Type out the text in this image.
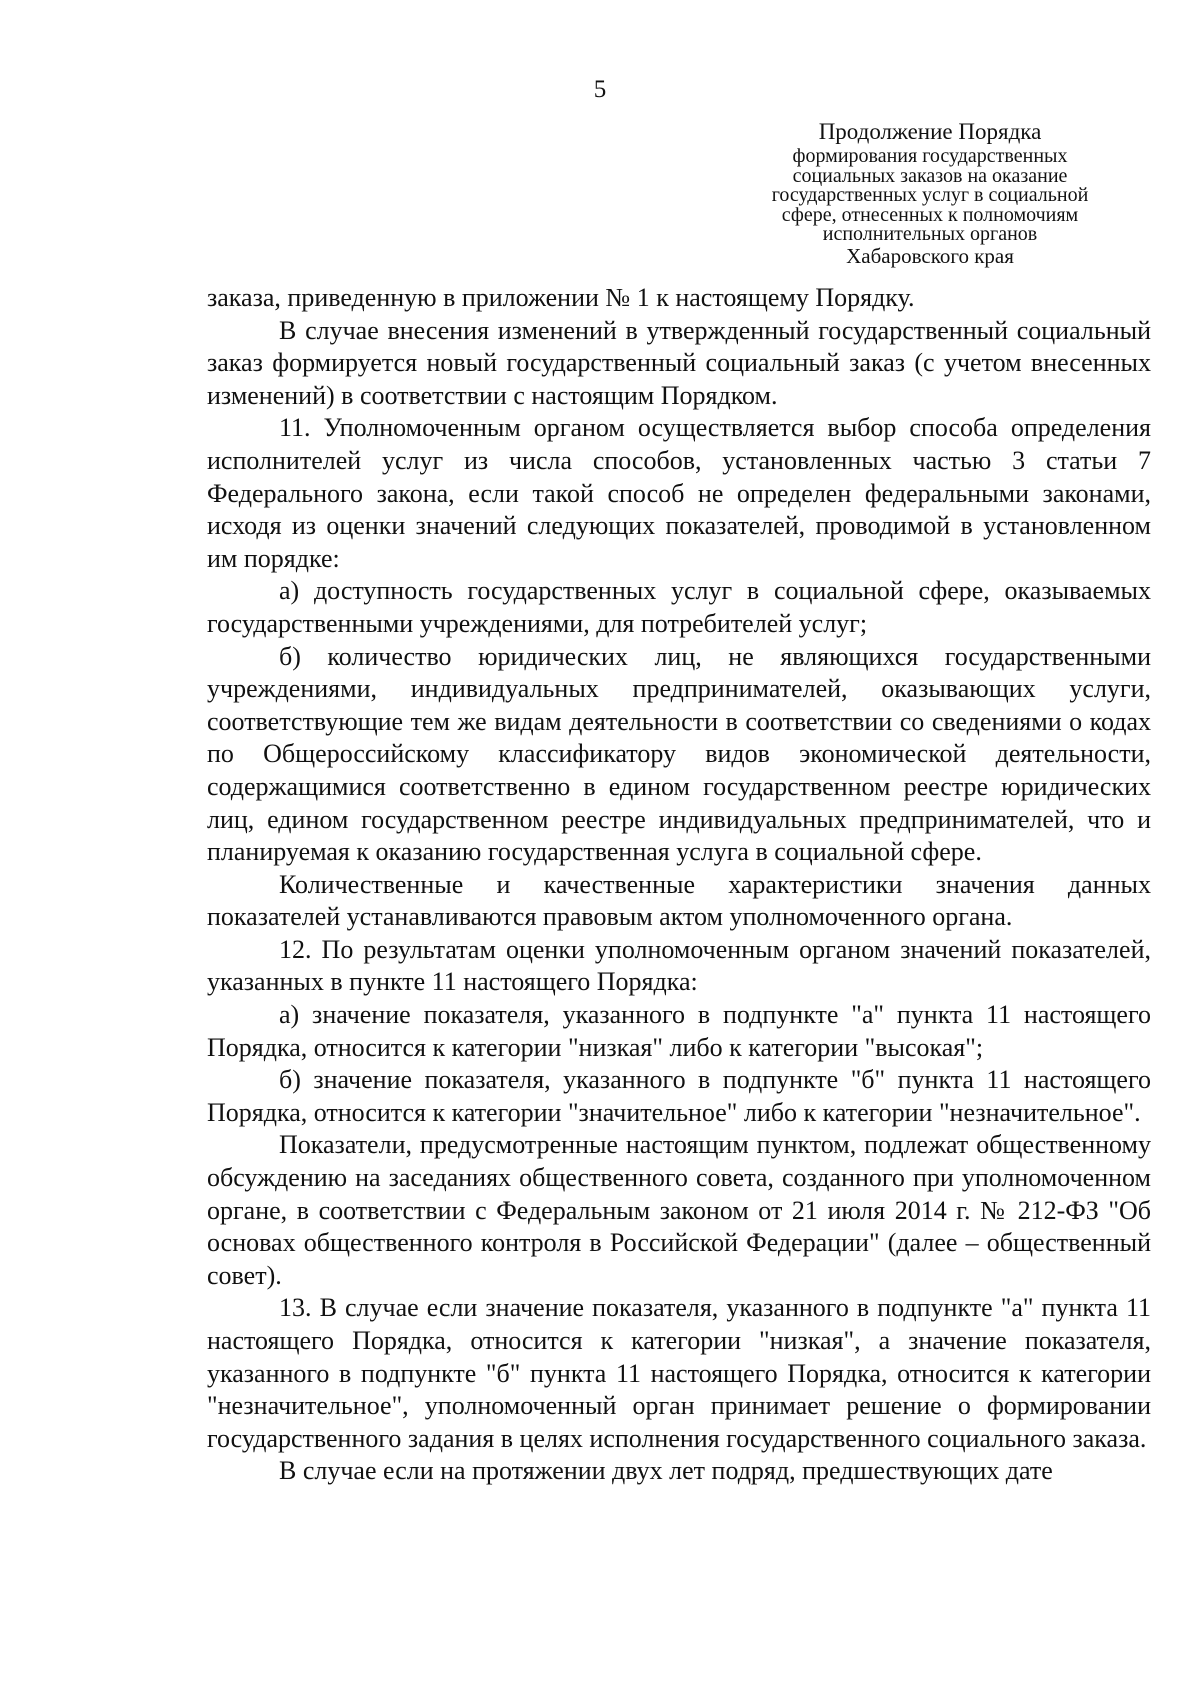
5
Продолжение Порядка
формирования государственных
социальных заказов на оказание
государственных услуг в социальной
сфере, отнесенных к полномочиям
исполнительных органов
Хабаровского края

заказа, приведенную в приложении № 1 к настоящему Порядку.

В случае внесения изменений в утвержденный государственный социальный заказ формируется новый государственный социальный заказ (с учетом внесенных изменений) в соответствии с настоящим Порядком.

11. Уполномоченным органом осуществляется выбор способа определения исполнителей услуг из числа способов, установленных частью 3 статьи 7 Федерального закона, если такой способ не определен федеральными законами, исходя из оценки значений следующих показателей, проводимой в установленном им порядке:

а) доступность государственных услуг в социальной сфере, оказываемых государственными учреждениями, для потребителей услуг;

б) количество юридических лиц, не являющихся государственными учреждениями, индивидуальных предпринимателей, оказывающих услуги, соответствующие тем же видам деятельности в соответствии со сведениями о кодах по Общероссийскому классификатору видов экономической деятельности, содержащимися соответственно в едином государственном реестре юридических лиц, едином государственном реестре индивидуальных предпринимателей, что и планируемая к оказанию государственная услуга в социальной сфере.

Количественные и качественные характеристики значения данных показателей устанавливаются правовым актом уполномоченного органа.

12. По результатам оценки уполномоченным органом значений показателей, указанных в пункте 11 настоящего Порядка:

а) значение показателя, указанного в подпункте "а" пункта 11 настоящего Порядка, относится к категории "низкая" либо к категории "высокая";

б) значение показателя, указанного в подпункте "б" пункта 11 настоящего Порядка, относится к категории "значительное" либо к категории "незначительное".

Показатели, предусмотренные настоящим пунктом, подлежат общественному обсуждению на заседаниях общественного совета, созданного при уполномоченном органе, в соответствии с Федеральным законом от 21 июля 2014 г. № 212-ФЗ "Об основах общественного контроля в Российской Федерации" (далее – общественный совет).

13. В случае если значение показателя, указанного в подпункте "а" пункта 11 настоящего Порядка, относится к категории "низкая", а значение показателя, указанного в подпункте "б" пункта 11 настоящего Порядка, относится к категории "незначительное", уполномоченный орган принимает решение о формировании государственного задания в целях исполнения государственного социального заказа.

В случае если на протяжении двух лет подряд, предшествующих дате
